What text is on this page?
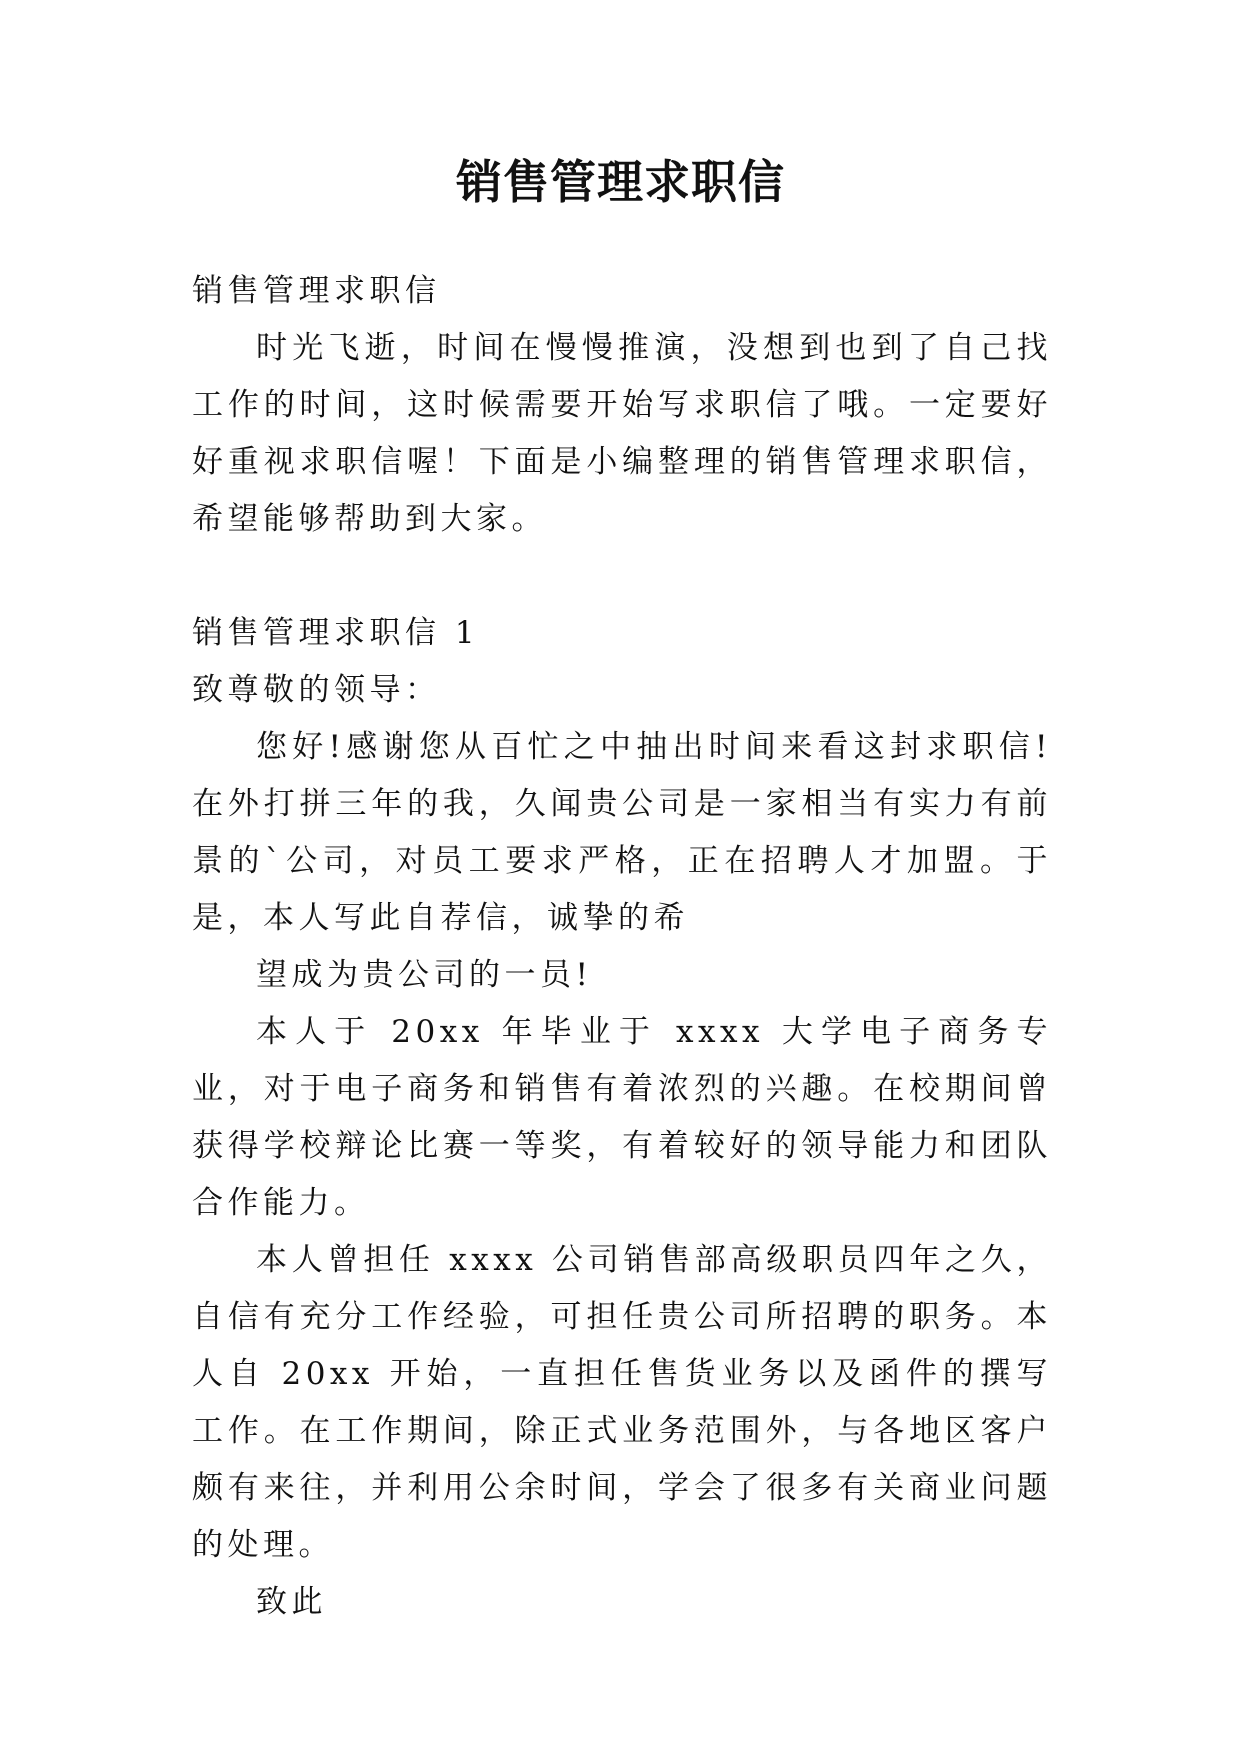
销售管理求职信

销售管理求职信

时光飞逝，时间在慢慢推演，没想到也到了自己找工作的时间，这时候需要开始写求职信了哦。一定要好好重视求职信喔！下面是小编整理的销售管理求职信，希望能够帮助到大家。

销售管理求职信 1

致尊敬的领导：

您好!感谢您从百忙之中抽出时间来看这封求职信!在外打拼三年的我，久闻贵公司是一家相当有实力有前景的`公司，对员工要求严格，正在招聘人才加盟。于是，本人写此自荐信，诚挚的希

望成为贵公司的一员!

本人于 20xx 年毕业于 xxxx 大学电子商务专业，对于电子商务和销售有着浓烈的兴趣。在校期间曾获得学校辩论比赛一等奖，有着较好的领导能力和团队合作能力。

本人曾担任 xxxx 公司销售部高级职员四年之久，自信有充分工作经验，可担任贵公司所招聘的职务。本人自 20xx 开始，一直担任售货业务以及函件的撰写工作。在工作期间，除正式业务范围外，与各地区客户颇有来往，并利用公余时间，学会了很多有关商业问题的处理。

致此
